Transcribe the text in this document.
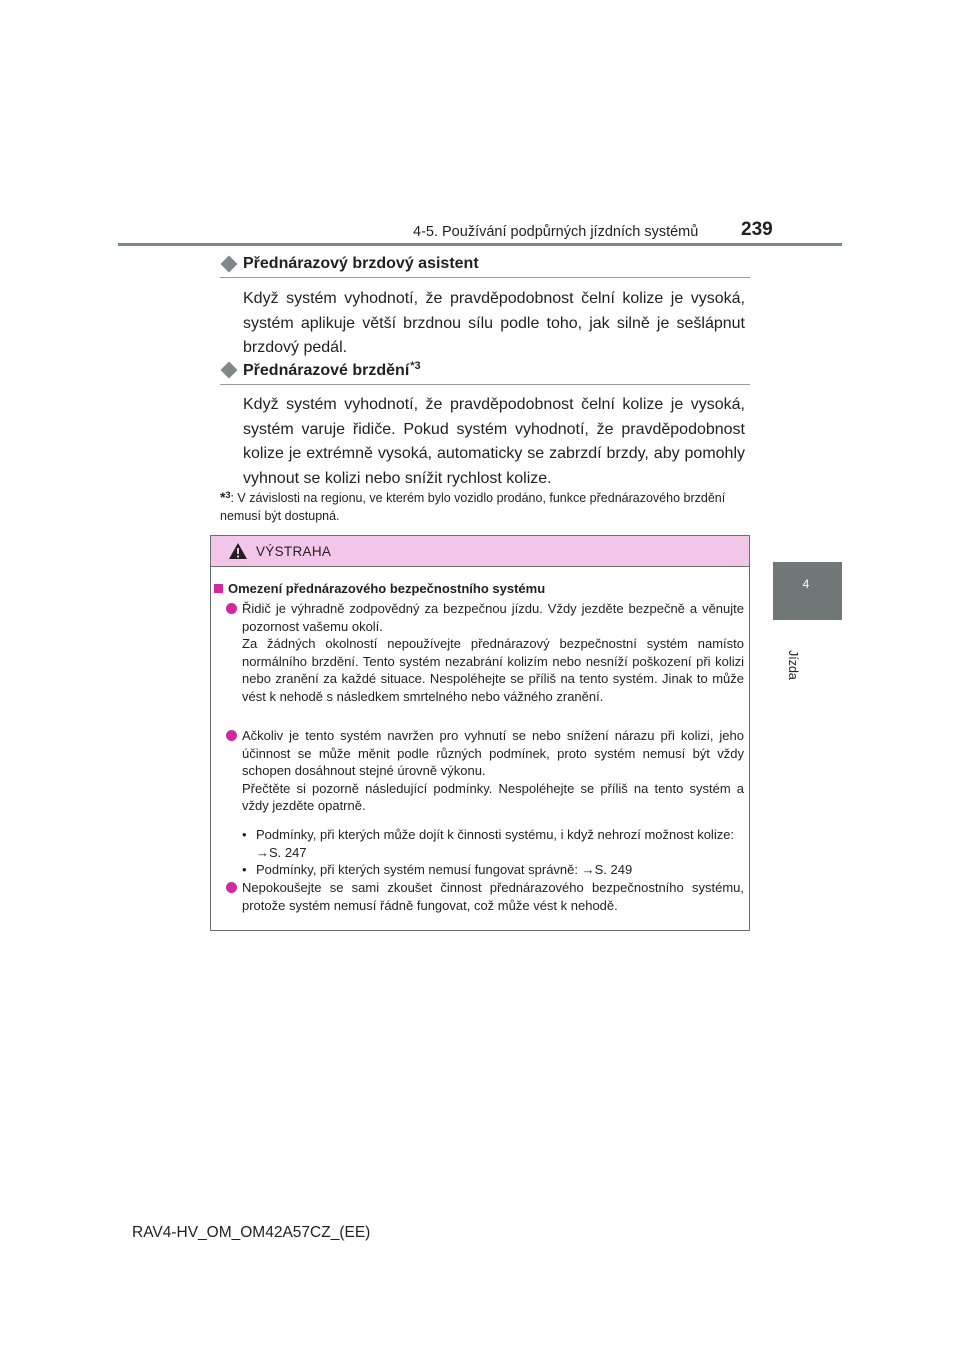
4-5. Používání podpůrných jízdních systémů 239
4
Jízda
Přednárazový brzdový asistent
Když systém vyhodnotí, že pravděpodobnost čelní kolize je vysoká, systém aplikuje větší brzdnou sílu podle toho, jak silně je sešlápnut brzdový pedál.
Přednárazové brzdění$^{*3}$
Když systém vyhodnotí, že pravděpodobnost čelní kolize je vysoká, systém varuje řidiče. Pokud systém vyhodnotí, že pravděpodobnost kolize je extrémně vysoká, automaticky se zabrzdí brzdy, aby pomohly vyhnout se kolizi nebo snížit rychlost kolize.
*$^3$: V závislosti na regionu, ve kterém bylo vozidlo prodáno, funkce přednárazového brzdění nemusí být dostupná.
VÝSTRAHA
Omezení přednárazového bezpečnostního systému
Řidič je výhradně zodpovědný za bezpečnou jízdu. Vždy jezděte bezpečně a věnujte pozornost vašemu okolí.
Za žádných okolností nepoužívejte přednárazový bezpečnostní systém namísto normálního brzdění. Tento systém nezabrání kolizím nebo nesníží poškození při kolizi nebo zranění za každé situace. Nespoléhejte se příliš na tento systém. Jinak to může vést k nehodě s následkem smrtelného nebo vážného zranění.
Ačkoliv je tento systém navržen pro vyhnutí se nebo snížení nárazu při kolizi, jeho účinnost se může měnit podle různých podmínek, proto systém nemusí být vždy schopen dosáhnout stejné úrovně výkonu.
Přečtěte si pozorně následující podmínky. Nespoléhejte se příliš na tento systém a vždy jezděte opatrně.
• Podmínky, při kterých může dojít k činnosti systému, i když nehrozí možnost kolize: →S. 247
• Podmínky, při kterých systém nemusí fungovat správně: →S. 249
Nepokoušejte se sami zkoušet činnost přednárazového bezpečnostního systému, protože systém nemusí řádně fungovat, což může vést k nehodě.
RAV4-HV_OM_OM42A57CZ_(EE)
